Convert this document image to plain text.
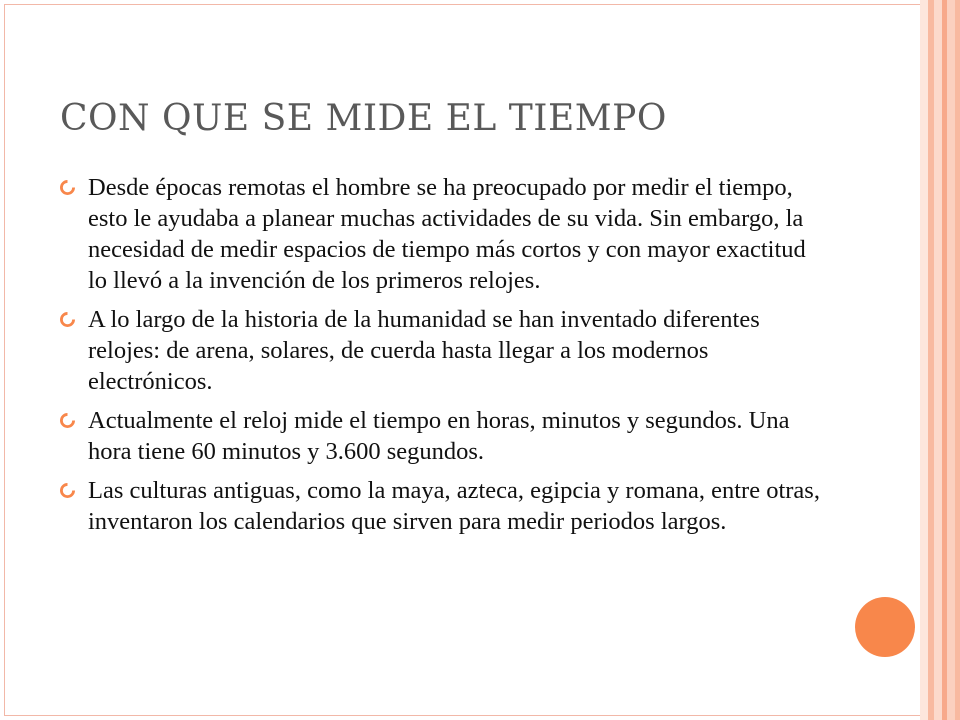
CON QUE SE MIDE EL TIEMPO
Desde épocas remotas el hombre se ha preocupado por medir el tiempo, esto le ayudaba a planear muchas actividades de su vida. Sin embargo, la necesidad de medir espacios de tiempo más cortos y con mayor exactitud lo llevó a la invención de los primeros relojes.
A lo largo de la historia de la humanidad se han inventado diferentes relojes: de arena, solares, de cuerda hasta llegar a los modernos electrónicos.
Actualmente el reloj mide el tiempo en horas, minutos y segundos. Una hora tiene 60 minutos y 3.600 segundos.
Las culturas antiguas, como la maya, azteca, egipcia y romana, entre otras, inventaron los calendarios que sirven para medir periodos largos.
